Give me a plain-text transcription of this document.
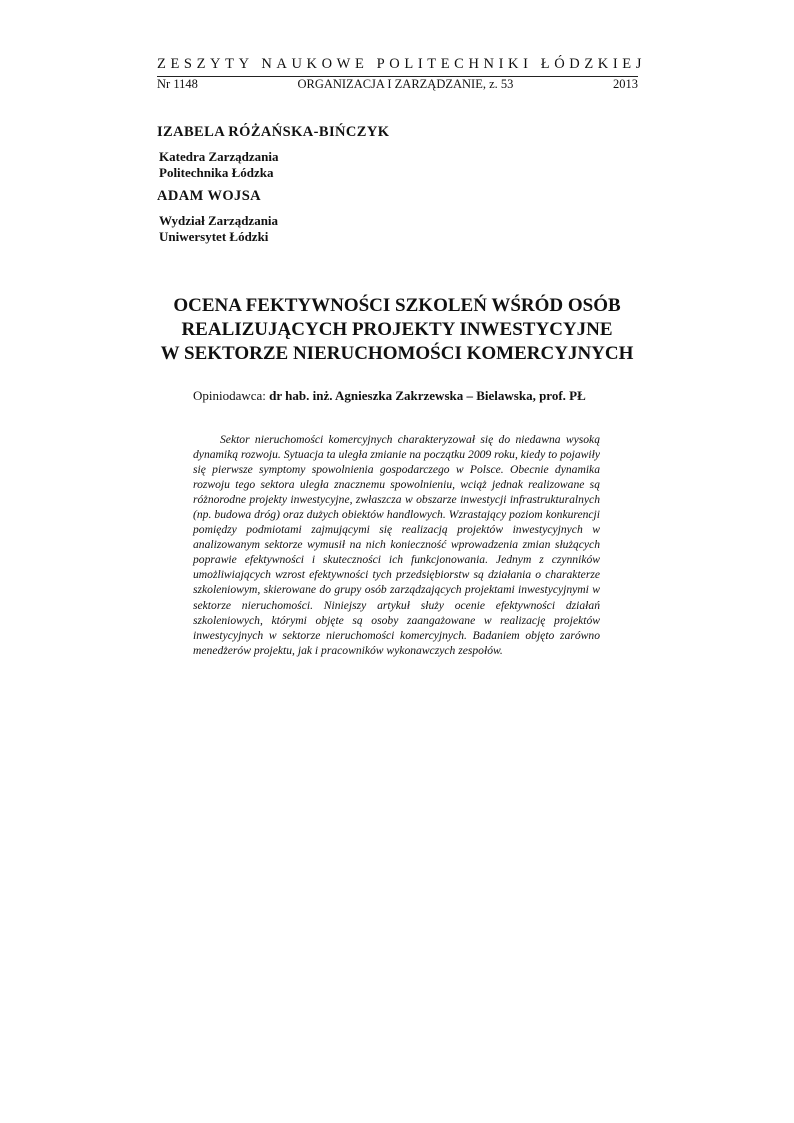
ZESZYTY NAUKOWE POLITECHNIKI ŁÓDZKIEJ
Nr 1148	ORGANIZACJA I ZARZĄDZANIE, z. 53	2013
IZABELA RÓŻAŃSKA-BIŃCZYK
Katedra Zarządzania
Politechnika Łódzka
ADAM WOJSA
Wydział Zarządzania
Uniwersytet Łódzki
OCENA FEKTYWNOŚCI SZKOLEŃ WŚRÓD OSÓB
REALIZUJĄCYCH PROJEKTY INWESTYCYJNE
W SEKTORZE NIERUCHOMOŚCI KOMERCYJNYCH
Opiniodawca: dr hab. inż. Agnieszka Zakrzewska – Bielawska, prof. PŁ
Sektor nieruchomości komercyjnych charakteryzował się do niedawna wysoką dynamiką rozwoju. Sytuacja ta uległa zmianie na początku 2009 roku, kiedy to pojawiły się pierwsze symptomy spowolnienia gospodarczego w Polsce. Obecnie dynamika rozwoju tego sektora uległa znacznemu spowolnieniu, wciąż jednak realizowane są różnorodne projekty inwestycyjne, zwłaszcza w obszarze inwestycji infrastrukturalnych (np. budowa dróg) oraz dużych obiektów handlowych. Wzrastający poziom konkurencji pomiędzy podmiotami zajmującymi się realizacją projektów inwestycyjnych w analizowanym sektorze wymusił na nich konieczność wprowadzenia zmian służących poprawie efektywności i skuteczności ich funkcjonowania. Jednym z czynników umożliwiających wzrost efektywności tych przedsiębiorstw są działania o charakterze szkoleniowym, skierowane do grupy osób zarządzających projektami inwestycyjnymi w sektorze nieruchomości. Niniejszy artykuł służy ocenie efektywności działań szkoleniowych, którymi objęte są osoby zaangażowane w realizację projektów inwestycyjnych w sektorze nieruchomości komercyjnych. Badaniem objęto zarówno menedżerów projektu, jak i pracowników wykonawczych zespołów.
